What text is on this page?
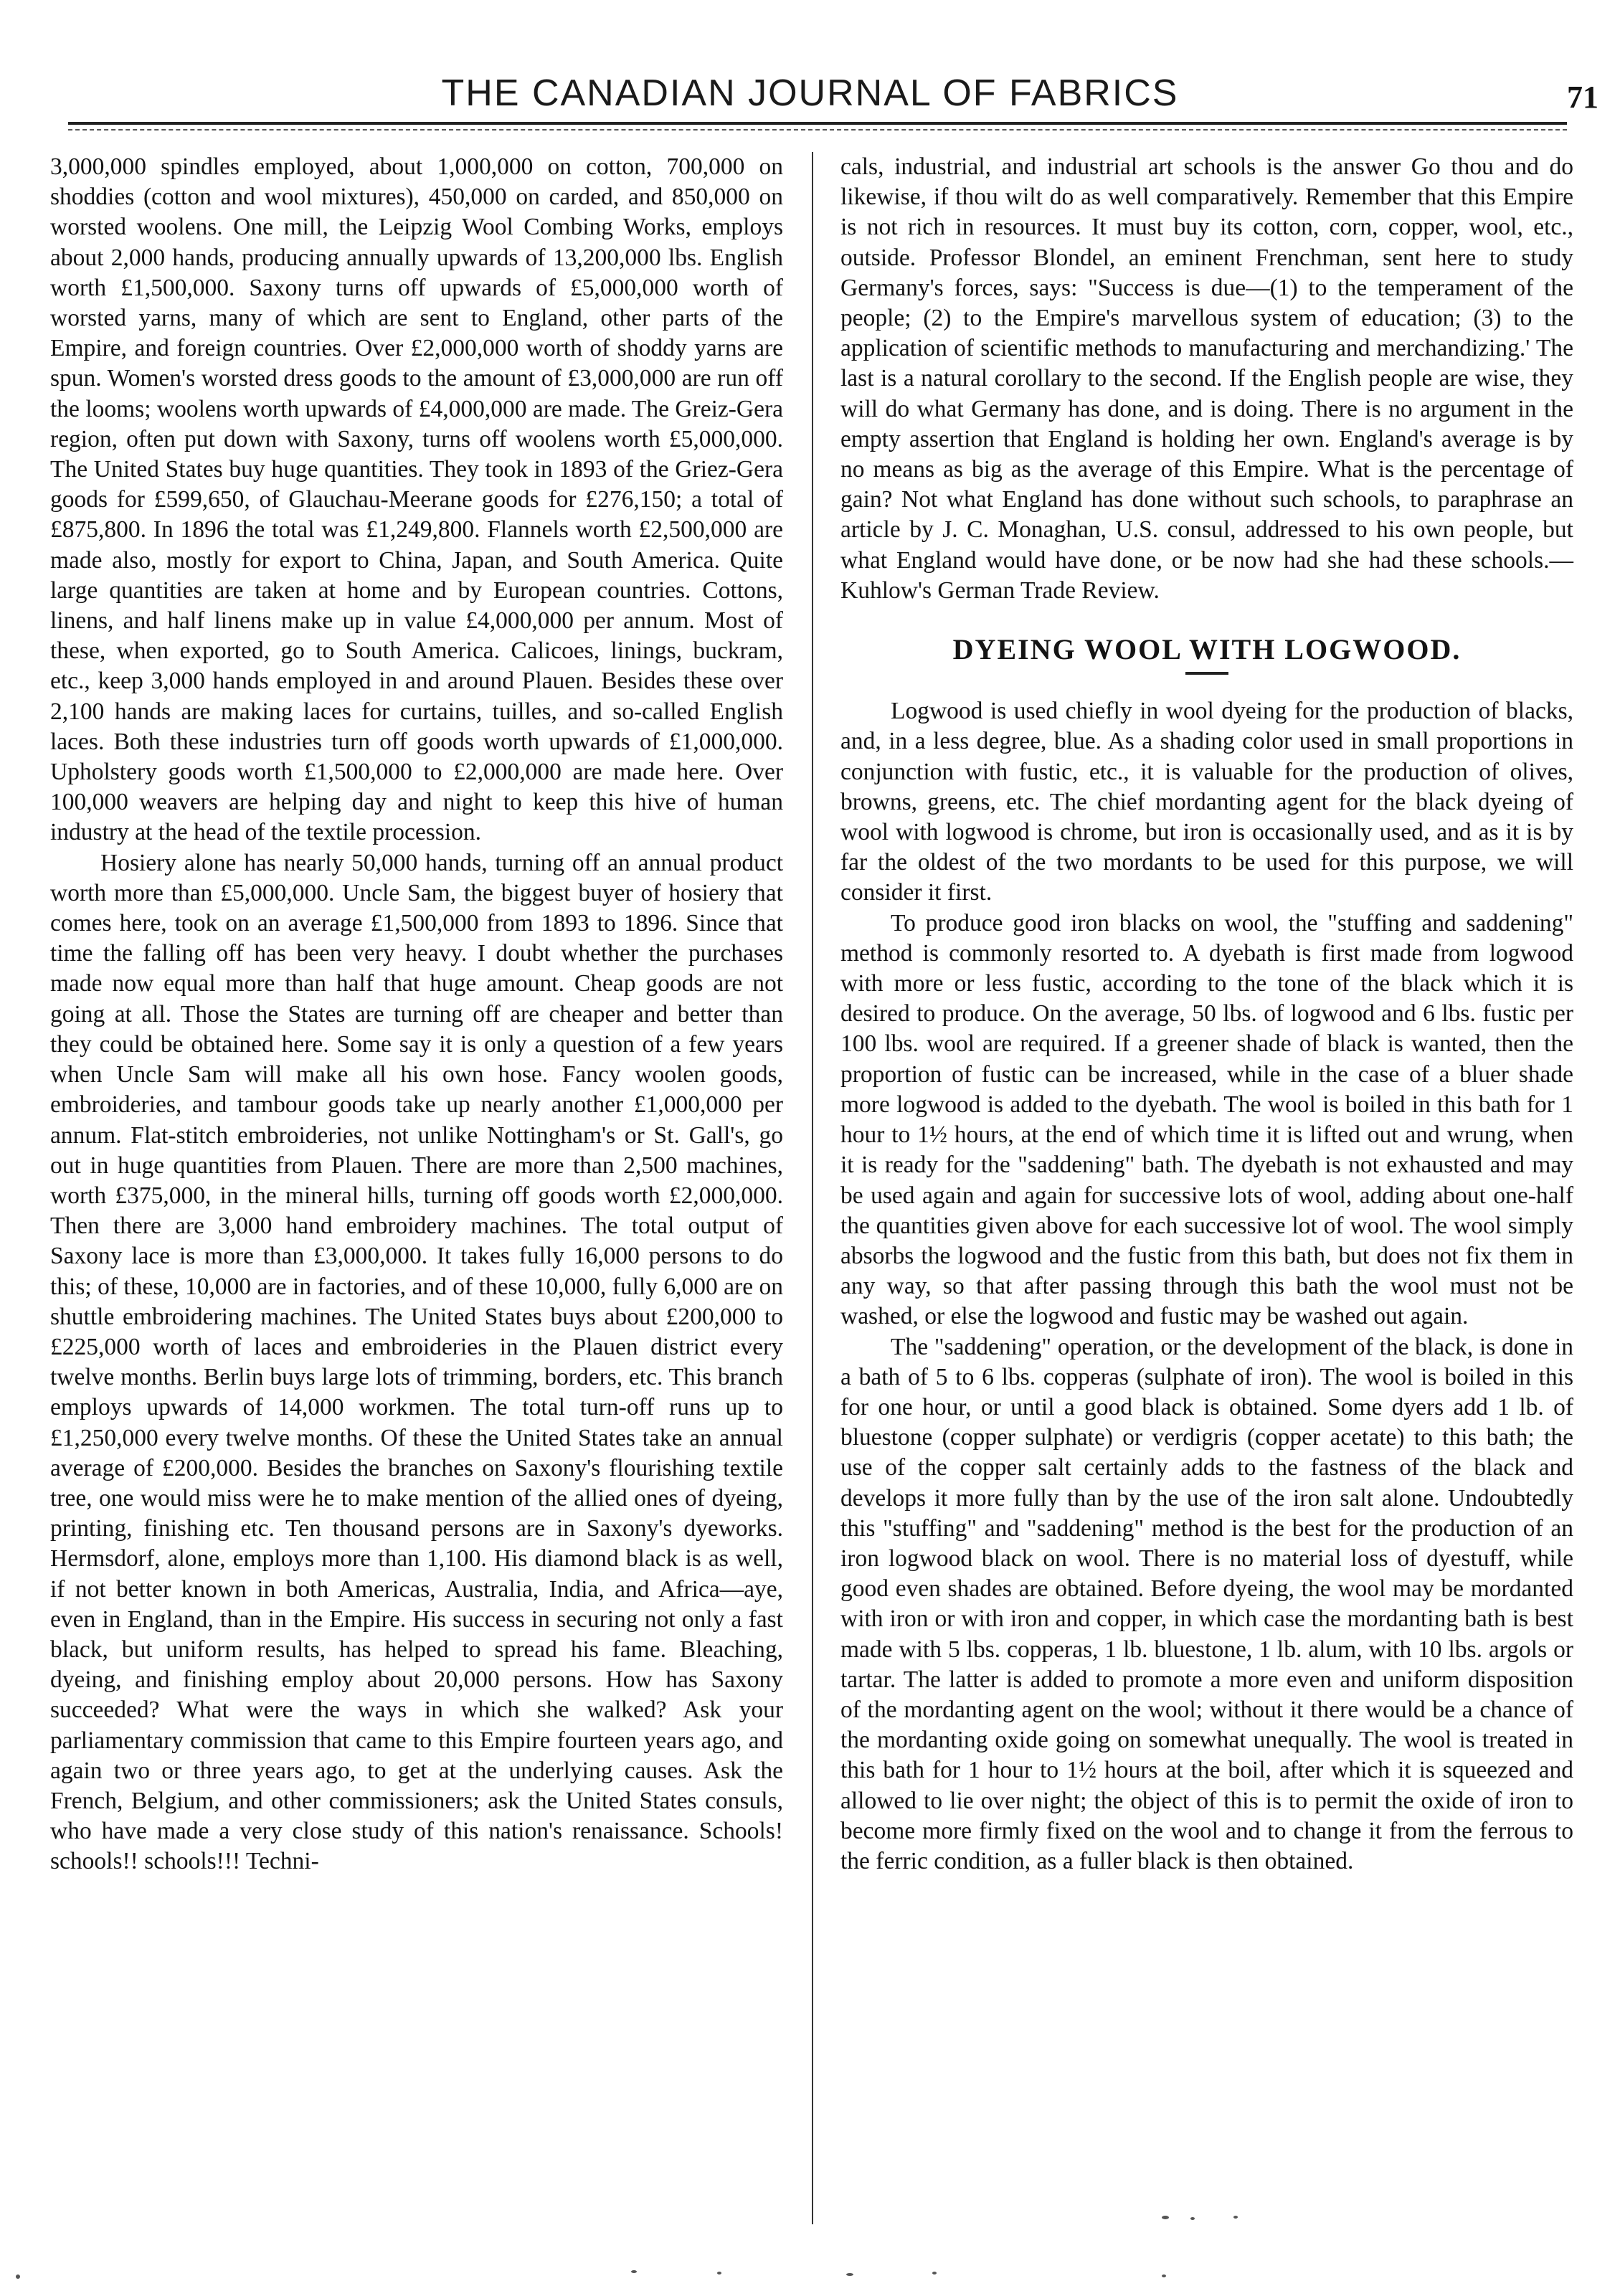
THE CANADIAN JOURNAL OF FABRICS	71

3,000,000 spindles employed, about 1,000,000 on cotton, 700,000 on shoddies (cotton and wool mixtures), 450,000 on carded, and 850,000 on worsted woolens. One mill, the Leipzig Wool Combing Works, employs about 2,000 hands, producing annually upwards of 13,200,000 lbs. English worth £1,500,000. Saxony turns off upwards of £5,000,000 worth of worsted yarns, many of which are sent to England, other parts of the Empire, and foreign countries. Over £2,000,000 worth of shoddy yarns are spun. Women's worsted dress goods to the amount of £3,000,000 are run off the looms; woolens worth upwards of £4,000,000 are made. The Greiz-Gera region, often put down with Saxony, turns off woolens worth £5,000,000. The United States buy huge quantities. They took in 1893 of the Griez-Gera goods for £599,650, of Glauchau-Meerane goods for £276,150; a total of £875,800. In 1896 the total was £1,249,800. Flannels worth £2,500,000 are made also, mostly for export to China, Japan, and South America. Quite large quantities are taken at home and by European countries. Cottons, linens, and half linens make up in value £4,000,000 per annum. Most of these, when exported, go to South America. Calicoes, linings, buckram, etc., keep 3,000 hands employed in and around Plauen. Besides these over 2,100 hands are making laces for curtains, tuilles, and so-called English laces. Both these industries turn off goods worth upwards of £1,000,000. Upholstery goods worth £1,500,000 to £2,000,000 are made here. Over 100,000 weavers are helping day and night to keep this hive of human industry at the head of the textile procession.

Hosiery alone has nearly 50,000 hands, turning off an annual product worth more than £5,000,000. Uncle Sam, the biggest buyer of hosiery that comes here, took on an average £1,500,000 from 1893 to 1896. Since that time the falling off has been very heavy. I doubt whether the purchases made now equal more than half that huge amount. Cheap goods are not going at all. Those the States are turning off are cheaper and better than they could be obtained here. Some say it is only a question of a few years when Uncle Sam will make all his own hose. Fancy woolen goods, embroideries, and tambour goods take up nearly another £1,000,000 per annum. Flat-stitch embroideries, not unlike Nottingham's or St. Gall's, go out in huge quantities from Plauen. There are more than 2,500 machines, worth £375,000, in the mineral hills, turning off goods worth £2,000,000. Then there are 3,000 hand embroidery machines. The total output of Saxony lace is more than £3,000,000. It takes fully 16,000 persons to do this; of these, 10,000 are in factories, and of these 10,000, fully 6,000 are on shuttle embroidering machines. The United States buys about £200,000 to £225,000 worth of laces and embroideries in the Plauen district every twelve months. Berlin buys large lots of trimming, borders, etc. This branch employs upwards of 14,000 workmen. The total turn-off runs up to £1,250,000 every twelve months. Of these the United States take an annual average of £200,000. Besides the branches on Saxony's flourishing textile tree, one would miss were he to make mention of the allied ones of dyeing, printing, finishing etc. Ten thousand persons are in Saxony's dyeworks. Hermsdorf, alone, employs more than 1,100. His diamond black is as well, if not better known in both Americas, Australia, India, and Africa—aye, even in England, than in the Empire. His success in securing not only a fast black, but uniform results, has helped to spread his fame. Bleaching, dyeing, and finishing employ about 20,000 persons. How has Saxony succeeded? What were the ways in which she walked? Ask your parliamentary commission that came to this Empire fourteen years ago, and again two or three years ago, to get at the underlying causes. Ask the French, Belgium, and other commissioners; ask the United States consuls, who have made a very close study of this nation's renaissance. Schools! schools!! schools!!! Techni-

cals, industrial, and industrial art schools is the answer Go thou and do likewise, if thou wilt do as well comparatively. Remember that this Empire is not rich in resources. It must buy its cotton, corn, copper, wool, etc., outside. Professor Blondel, an eminent Frenchman, sent here to study Germany's forces, says: "Success is due—(1) to the temperament of the people; (2) to the Empire's marvellous system of education; (3) to the application of scientific methods to manufacturing and merchandizing.' The last is a natural corollary to the second. If the English people are wise, they will do what Germany has done, and is doing. There is no argument in the empty assertion that England is holding her own. England's average is by no means as big as the average of this Empire. What is the percentage of gain? Not what England has done without such schools, to paraphrase an article by J. C. Monaghan, U.S. consul, addressed to his own people, but what England would have done, or be now had she had these schools.—Kuhlow's German Trade Review.

DYEING WOOL WITH LOGWOOD.

Logwood is used chiefly in wool dyeing for the production of blacks, and, in a less degree, blue. As a shading color used in small proportions in conjunction with fustic, etc., it is valuable for the production of olives, browns, greens, etc. The chief mordanting agent for the black dyeing of wool with logwood is chrome, but iron is occasionally used, and as it is by far the oldest of the two mordants to be used for this purpose, we will consider it first.

To produce good iron blacks on wool, the "stuffing and saddening" method is commonly resorted to. A dyebath is first made from logwood with more or less fustic, according to the tone of the black which it is desired to produce. On the average, 50 lbs. of logwood and 6 lbs. fustic per 100 lbs. wool are required. If a greener shade of black is wanted, then the proportion of fustic can be increased, while in the case of a bluer shade more logwood is added to the dyebath. The wool is boiled in this bath for 1 hour to 1½ hours, at the end of which time it is lifted out and wrung, when it is ready for the "saddening" bath. The dyebath is not exhausted and may be used again and again for successive lots of wool, adding about one-half the quantities given above for each successive lot of wool. The wool simply absorbs the logwood and the fustic from this bath, but does not fix them in any way, so that after passing through this bath the wool must not be washed, or else the logwood and fustic may be washed out again.

The "saddening" operation, or the development of the black, is done in a bath of 5 to 6 lbs. copperas (sulphate of iron). The wool is boiled in this for one hour, or until a good black is obtained. Some dyers add 1 lb. of bluestone (copper sulphate) or verdigris (copper acetate) to this bath; the use of the copper salt certainly adds to the fastness of the black and develops it more fully than by the use of the iron salt alone. Undoubtedly this "stuffing" and "saddening" method is the best for the production of an iron logwood black on wool. There is no material loss of dyestuff, while good even shades are obtained. Before dyeing, the wool may be mordanted with iron or with iron and copper, in which case the mordanting bath is best made with 5 lbs. copperas, 1 lb. bluestone, 1 lb. alum, with 10 lbs. argols or tartar. The latter is added to promote a more even and uniform disposition of the mordanting agent on the wool; without it there would be a chance of the mordanting oxide going on somewhat unequally. The wool is treated in this bath for 1 hour to 1½ hours at the boil, after which it is squeezed and allowed to lie over night; the object of this is to permit the oxide of iron to become more firmly fixed on the wool and to change it from the ferrous to the ferric condition, as a fuller black is then obtained.
